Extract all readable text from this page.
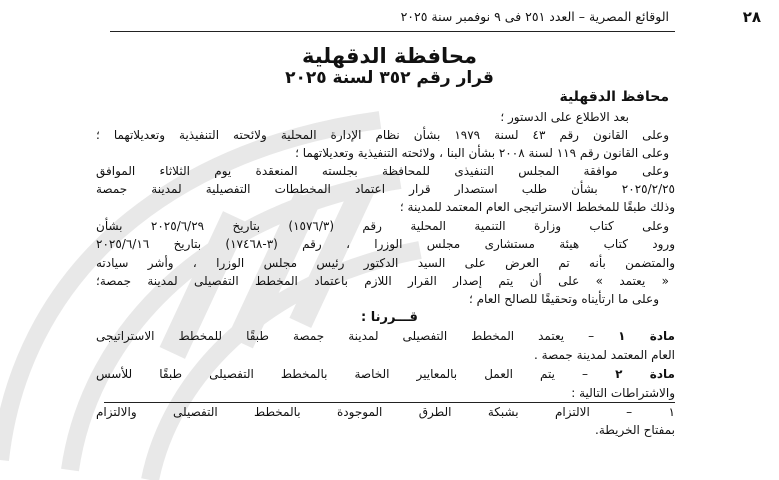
٢٨
الوقائع المصرية – العدد ٢٥١ فى ٩ نوفمبر سنة ٢٠٢٥
محافظة الدقهلية
قرار رقم ٣٥٢ لسنة ٢٠٢٥
محافظ الدقهلية
بعد الاطلاع على الدستور ؛
وعلى القانون رقم ٤٣ لسنة ١٩٧٩ بشأن نظام الإدارة المحلية ولائحته التنفيذية وتعديلاتهما ؛
وعلى القانون رقم ١١٩ لسنة ٢٠٠٨ بشأن البنا ، ولائحته التنفيذية وتعديلاتهما ؛
وعلى موافقة المجلس التنفيذى للمحافظة بجلسته المنعقدة يوم الثلاثاء الموافق
٢٠٢٥/٢/٢٥ بشأن طلب استصدار قرار اعتماد المخططات التفصيلية لمدينة جمصة
وذلك طبقًا للمخطط الاستراتيجى العام المعتمد للمدينة ؛
وعلى كتاب وزارة التنمية المحلية رقم (١٥٧٦/٣) بتاريخ ٢٠٢٥/٦/٢٩ بشأن
ورود كتاب هيئة مستشارى مجلس الوزرا ، رقم (٣-١٧٤٦٨) بتاريخ ٢٠٢٥/٦/١٦
والمتضمن بأنه تم العرض على السيد الدكتور رئيس مجلس الوزرا ، وأشر سيادته
« يعتمد » على أن يتم إصدار القرار اللازم باعتماد المخطط التفصيلى لمدينة جمصة؛
وعلى ما ارتأيناه وتحقيقًا للصالح العام ؛
قـــررنا :
مادة ١ – يعتمد المخطط التفصيلى لمدينة جمصة طبقًا للمخطط الاستراتيجى
العام المعتمد لمدينة جمصة .
مادة ٢ – يتم العمل بالمعايير الخاصة بالمخطط التفصيلى طبقًا للأسس
والاشتراطات التالية :
١ – الالتزام بشبكة الطرق الموجودة بالمخطط التفصيلى والالتزام
بمفتاح الخريطة.
